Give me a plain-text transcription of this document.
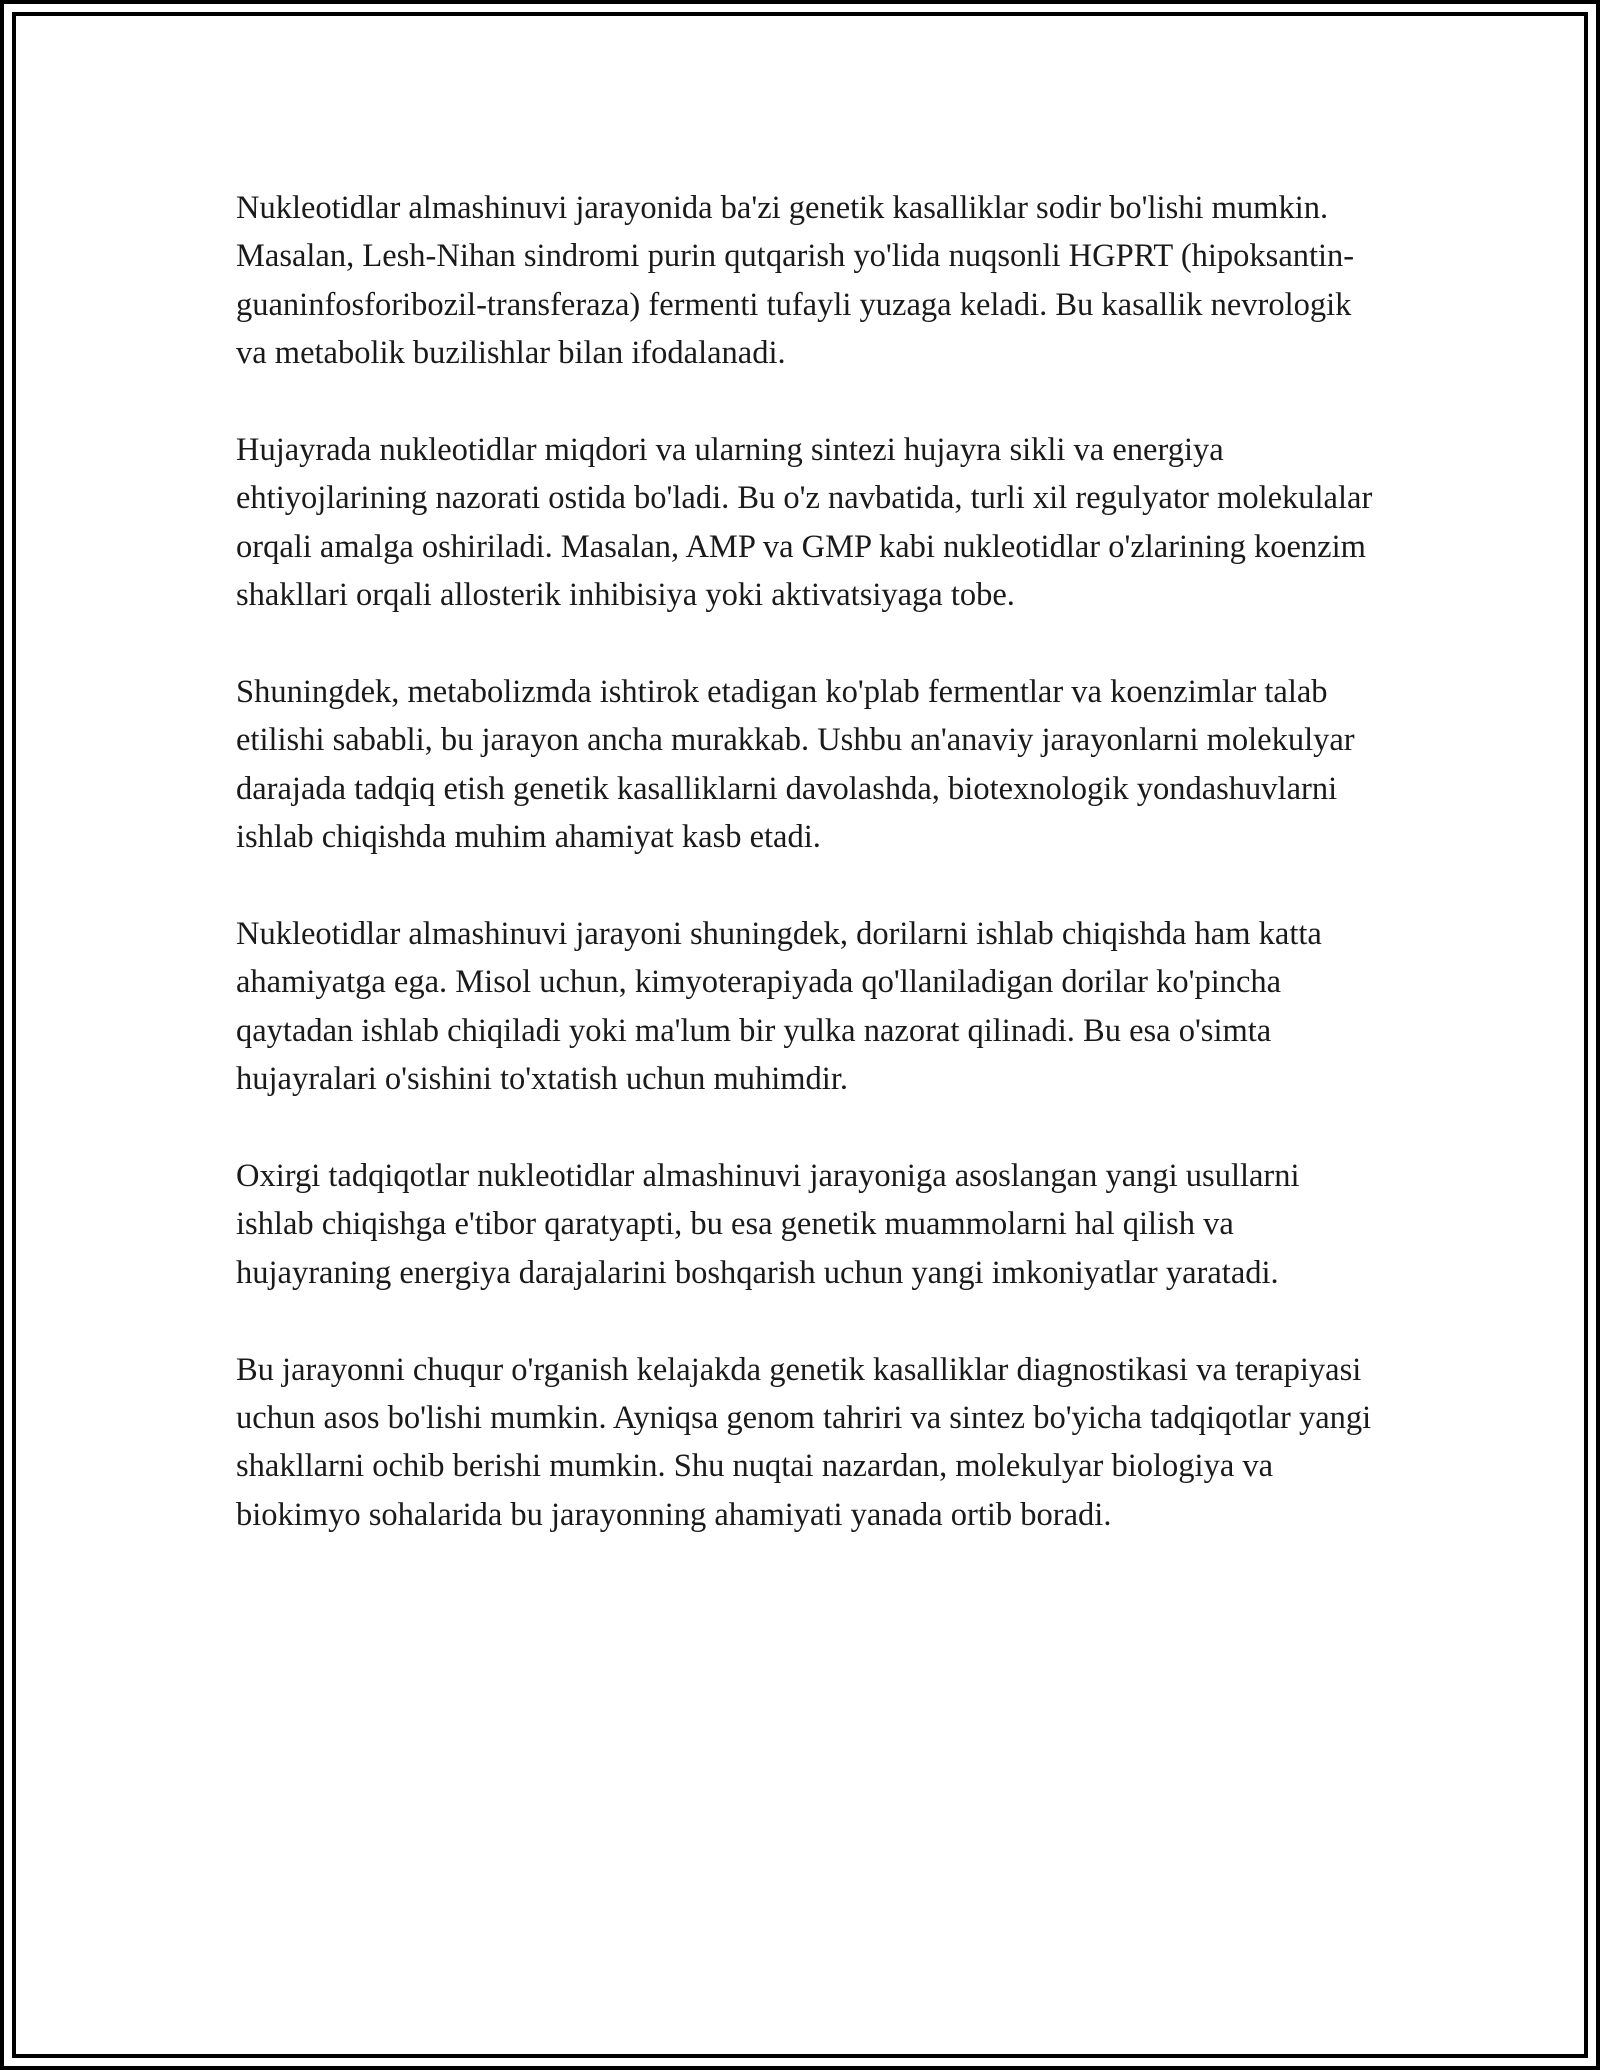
Nukleotidlar almashinuvi jarayonida ba'zi genetik kasalliklar sodir bo'lishi mumkin. Masalan, Lesh-Nihan sindromi purin qutqarish yo'lida nuqsonli HGPRT (hipoksantin-guaninfosforibozil-transferaza) fermenti tufayli yuzaga keladi. Bu kasallik nevrologik va metabolik buzilishlar bilan ifodalanadi.

Hujayrada nukleotidlar miqdori va ularning sintezi hujayra sikli va energiya ehtiyojlarining nazorati ostida bo'ladi. Bu o'z navbatida, turli xil regulyator molekulalar orqali amalga oshiriladi. Masalan, AMP va GMP kabi nukleotidlar o'zlarining koenzim shakllari orqali allosterik inhibisiya yoki aktivatsiyaga tobe.

Shuningdek, metabolizmda ishtirok etadigan ko'plab fermentlar va koenzimlar talab etilishi sababli, bu jarayon ancha murakkab. Ushbu an'anaviy jarayonlarni molekulyar darajada tadqiq etish genetik kasalliklarni davolashda, biotexnologik yondashuvlarni ishlab chiqishda muhim ahamiyat kasb etadi.

Nukleotidlar almashinuvi jarayoni shuningdek, dorilarni ishlab chiqishda ham katta ahamiyatga ega. Misol uchun, kimyoterapiyada qo'llaniladigan dorilar ko'pincha qaytadan ishlab chiqiladi yoki ma'lum bir yulka nazorat qilinadi. Bu esa o'simta hujayralari o'sishini to'xtatish uchun muhimdir.

Oxirgi tadqiqotlar nukleotidlar almashinuvi jarayoniga asoslangan yangi usullarni ishlab chiqishga e'tibor qaratyapti, bu esa genetik muammolarni hal qilish va hujayraning energiya darajalarini boshqarish uchun yangi imkoniyatlar yaratadi.

Bu jarayonni chuqur o'rganish kelajakda genetik kasalliklar diagnostikasi va terapiyasi uchun asos bo'lishi mumkin. Ayniqsa genom tahriri va sintez bo'yicha tadqiqotlar yangi shakllarni ochib berishi mumkin. Shu nuqtai nazardan, molekulyar biologiya va biokimyo sohalarida bu jarayonning ahamiyati yanada ortib boradi.
